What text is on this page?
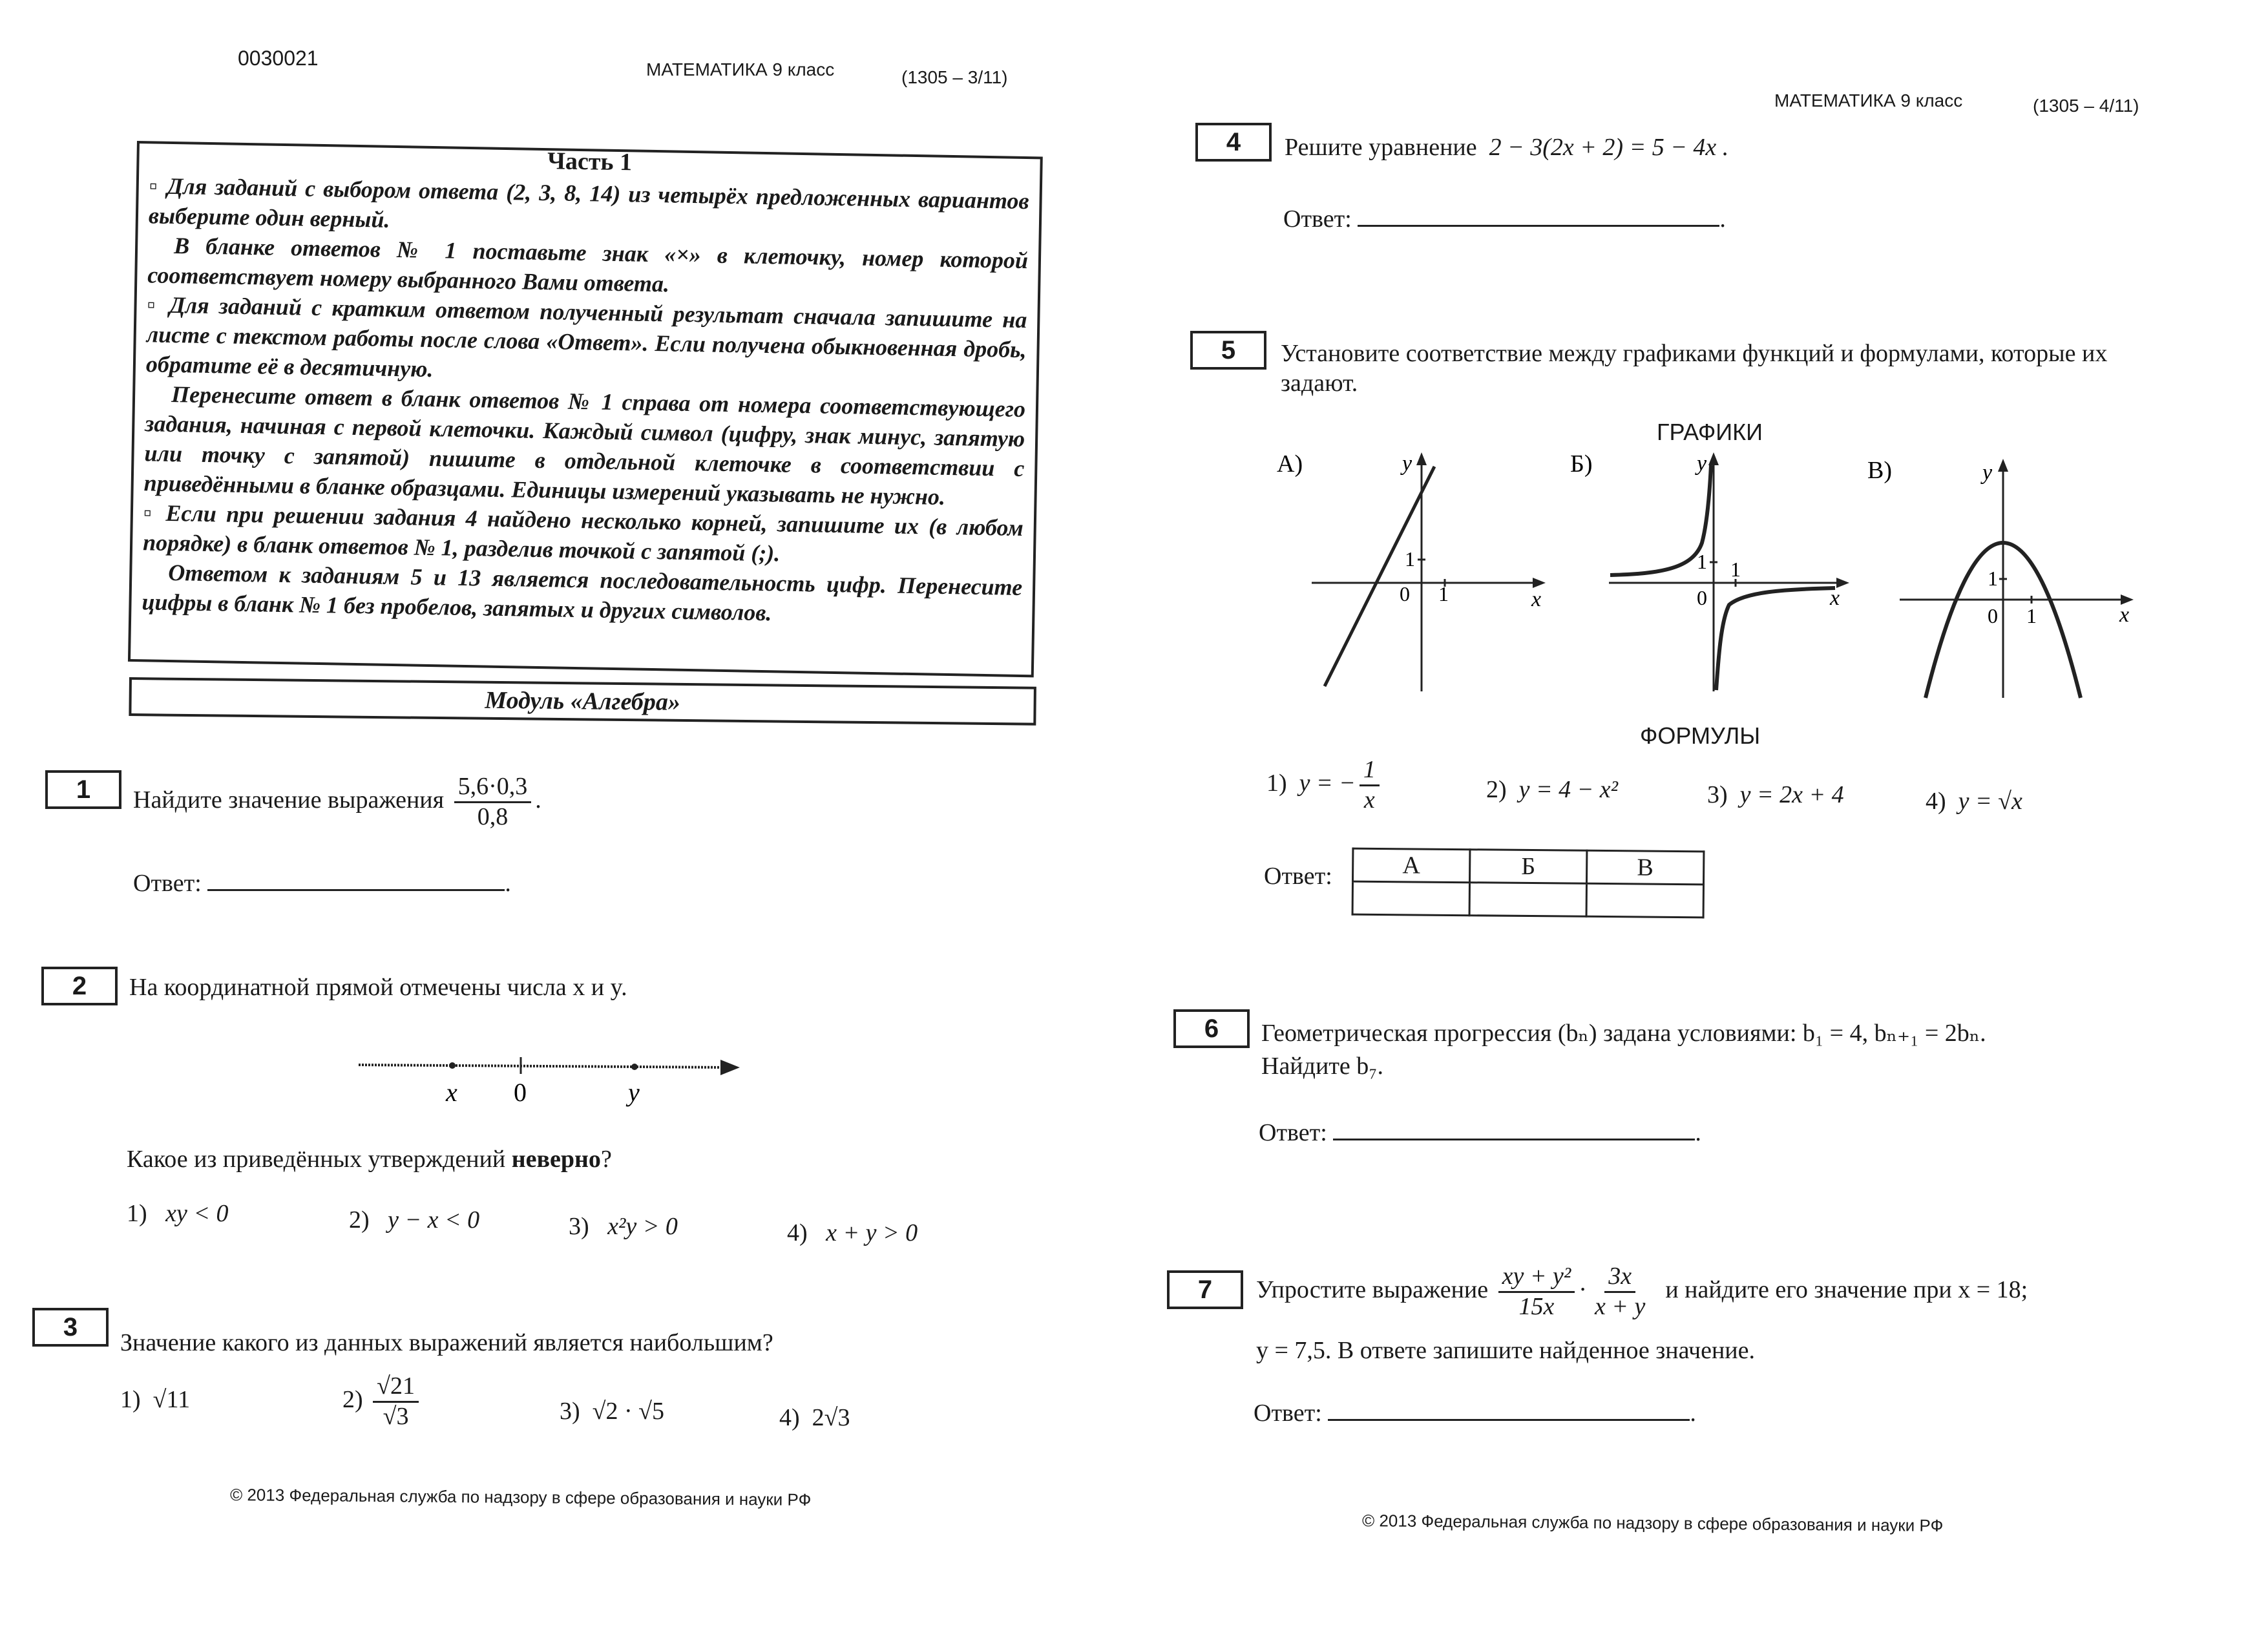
0030021	МАТЕМАТИКА 9 класс	(1305 – 3/11)
Часть 1

▫ Для заданий с выбором ответа (2, 3, 8, 14) из четырёх предложенных вариантов выберите один верный.

В бланке ответов № 1 поставьте знак «×» в клеточку, номер которой соответствует номеру выбранного Вами ответа.

▫ Для заданий с кратким ответом полученный результат сначала запишите на листе с текстом работы после слова «Ответ». Если получена обыкновенная дробь, обратите её в десятичную.

Перенесите ответ в бланк ответов № 1 справа от номера соответствующего задания, начиная с первой клеточки. Каждый символ (цифру, знак минус, запятую или точку с запятой) пишите в отдельной клеточке в соответствии с приведёнными в бланке образцами. Единицы измерений указывать не нужно.

▫ Если при решении задания 4 найдено несколько корней, запишите их (в любом порядке) в бланк ответов № 1, разделив точкой с запятой (;).

Ответом к заданиям 5 и 13 является последовательность цифр. Перенесите цифры в бланк № 1 без пробелов, запятых и других символов.

Модуль «Алгебра»
1	Найдите значение выражения $\frac{5,6\cdot 0,3}{0,8}$ .
Ответ:	.
2	На координатной прямой отмечены числа x и y.
x 0	y
Какое из приведённых утверждений неверно?
1) xy < 0	2) y − x < 0	3) x²y > 0	4) x + y > 0
3
Значение какого из данных выражений является наибольшим?
1) √11	$2) \frac{√21}{√3}$	3) √2 · √5	4) 2√3
© 2013 Федеральная служба по надзору в сфере образования и науки РФ
МАТЕМАТИКА 9 класс	(1305 – 4/11)
4	Решите уравнение 2 − 3(2x + 2) = 5 − 4x .
Ответ:	.
5	Установите соответствие между графиками функций и формулами, которые их задают.
ГРАФИКИ
А)	y
x
0
1
1
Б)	y
x
0
1 1
В)	y
x
0
1
1
ФОРМУЛЫ
1) y = − $\frac{1}{x}$	2) y = 4 − x²	3) y = 2x + 4	4) y = √x
Ответ:	А	Б	В

6	Геометрическая прогрессия (bₙ) задана условиями: b₁ = 4, bₙ₊₁ = 2bₙ.
Найдите b₇.
Ответ:	.
7	Упростите выражение $\frac{\text{xy + y²}}{15x} \cdot \frac{3x}{x + y}$ и найдите его значение при x = 18;
y = 7,5. В ответе запишите найденное значение.
Ответ:	.
© 2013 Федеральная служба по надзору в сфере образования и науки РФ
